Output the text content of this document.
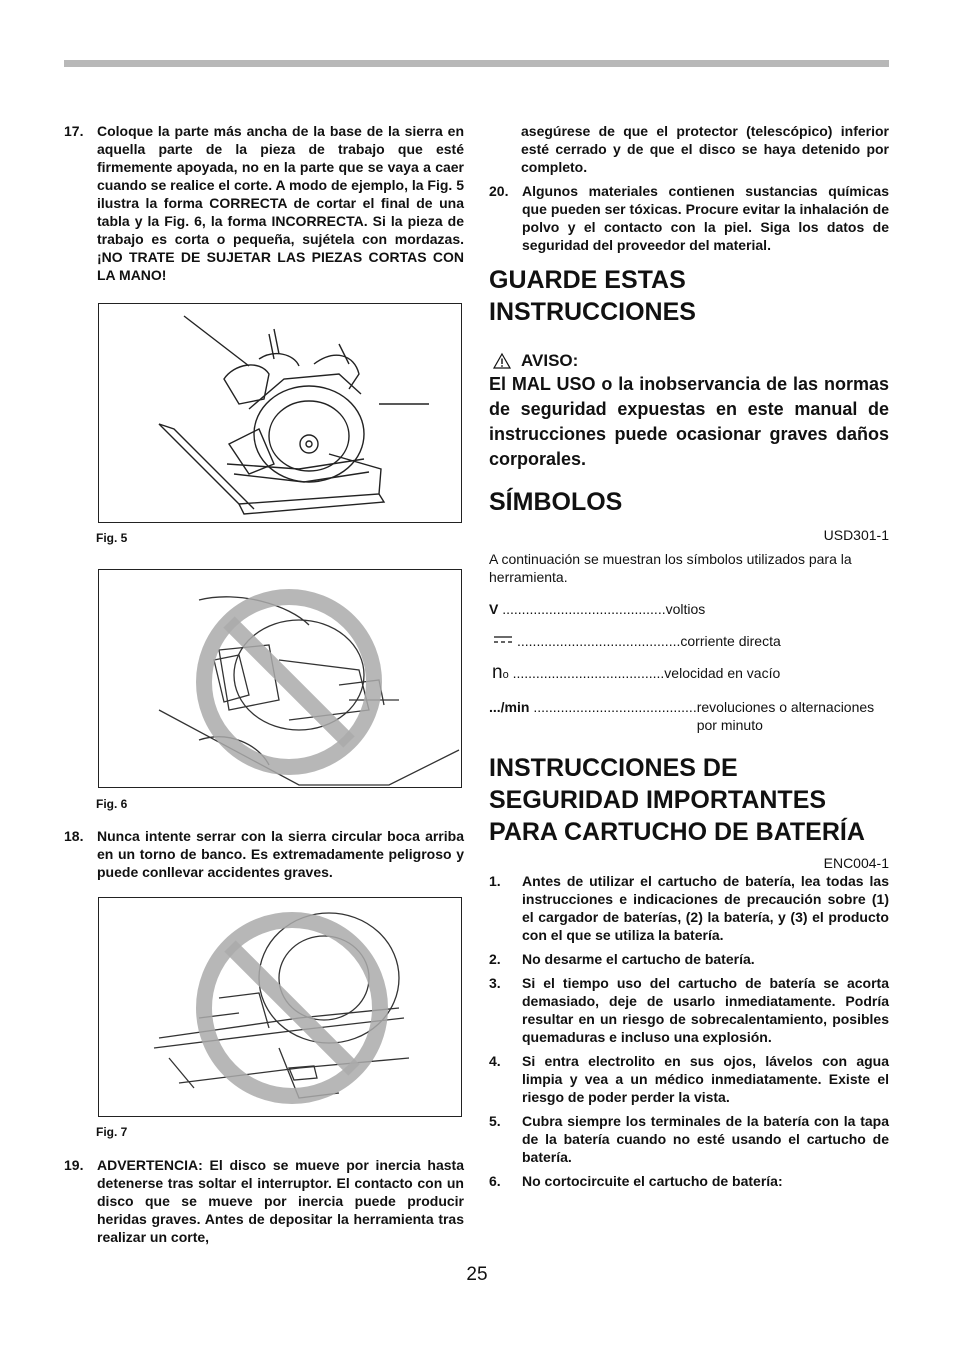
17. Coloque la parte más ancha de la base de la sierra en aquella parte de la pieza de trabajo que esté firmemente apoyada, no en la parte que se vaya a caer cuando se realice el corte. A modo de ejemplo, la Fig. 5 ilustra la forma CORRECTA de cortar el final de una tabla y la Fig. 6, la forma INCORRECTA. Si la pieza de trabajo es corta o pequeña, sujétela con mordazas. ¡NO TRATE DE SUJETAR LAS PIEZAS CORTAS CON LA MANO!
Fig. 5
Fig. 6
18. Nunca intente serrar con la sierra circular boca arriba en un torno de banco. Es extremadamente peligroso y puede conllevar accidentes graves.
Fig. 7
19. ADVERTENCIA: El disco se mueve por inercia hasta detenerse tras soltar el interruptor. El contacto con un disco que se mueve por inercia puede producir heridas graves. Antes de depositar la herramienta tras realizar un corte,
asegúrese de que el protector (telescópico) inferior esté cerrado y de que el disco se haya detenido por completo.
20. Algunos materiales contienen sustancias químicas que pueden ser tóxicas. Procure evitar la inhalación de polvo y el contacto con la piel. Siga los datos de seguridad del proveedor del material.
GUARDE ESTAS INSTRUCCIONES
AVISO:
El MAL USO o la inobservancia de las normas de seguridad expuestas en este manual de instrucciones puede ocasionar graves daños corporales.
SÍMBOLOS
USD301-1
A continuación se muestran los símbolos utilizados para la herramienta.
V .......................................... voltios
.......................................... corriente directa
no ....................................... velocidad en vacío
.../min .......................................... revoluciones o alternaciones por minuto
INSTRUCCIONES DE SEGURIDAD IMPORTANTES PARA CARTUCHO DE BATERÍA
ENC004-1
1.	Antes de utilizar el cartucho de batería, lea todas las instrucciones e indicaciones de precaución sobre (1) el cargador de baterías, (2) la batería, y (3) el producto con el que se utiliza la batería.
2.	No desarme el cartucho de batería.
3.	Si el tiempo uso del cartucho de batería se acorta demasiado, deje de usarlo inmediatamente. Podría resultar en un riesgo de sobrecalentamiento, posibles quemaduras e incluso una explosión.
4.	Si entra electrolito en sus ojos, lávelos con agua limpia y vea a un médico inmediatamente. Existe el riesgo de poder perder la vista.
5.	Cubra siempre los terminales de la batería con la tapa de la batería cuando no esté usando el cartucho de batería.
6.	No cortocircuite el cartucho de batería:
25
